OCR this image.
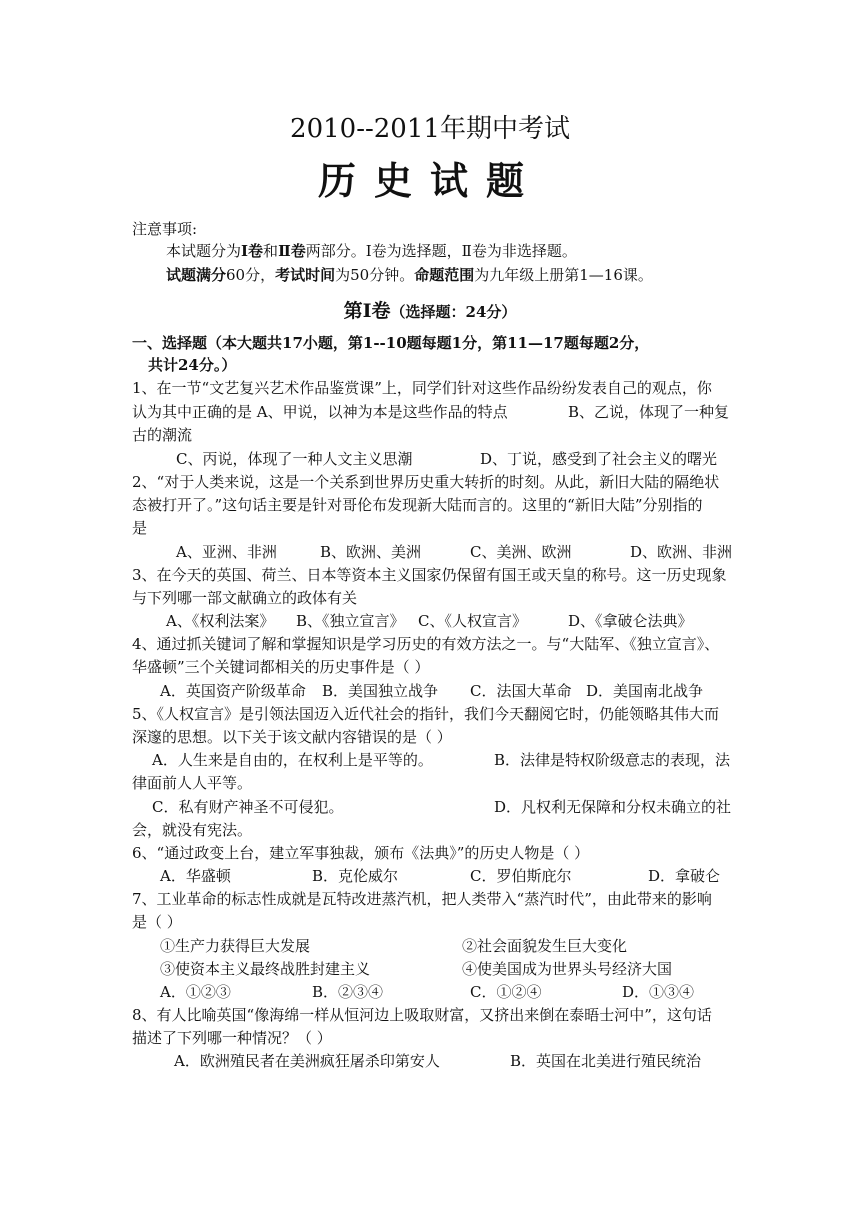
2010--2011年期中考试
历史试题
注意事项:
本试题分为Ⅰ卷和Ⅱ卷两部分。Ⅰ卷为选择题，Ⅱ卷为非选择题。
试题满分60分，考试时间为50分钟。命题范围为九年级上册第1—16课。
第Ⅰ卷（选择题：24分）
一、选择题（本大题共17小题，第1--10题每题1分，第11—17题每题2分，
共计24分。）
1、在一节“文艺复兴艺术作品鉴赏课”上，同学们针对这些作品纷纷发表自己的观点，你
认为其中正确的是 A、甲说，以神为本是这些作品的特点	B、乙说，体现了一种复
古的潮流
C、丙说，体现了一种人文主义思潮	D、丁说，感受到了社会主义的曙光
2、“对于人类来说，这是一个关系到世界历史重大转折的时刻。从此，新旧大陆的隔绝状
态被打开了。”这句话主要是针对哥伦布发现新大陆而言的。这里的“新旧大陆”分别指的
是
A、亚洲、非洲	B、欧洲、美洲	C、美洲、欧洲	D、欧洲、非洲
3、在今天的英国、荷兰、日本等资本主义国家仍保留有国王或天皇的称号。这一历史现象
与下列哪一部文献确立的政体有关
A、《权利法案》 B、《独立宣言》 C、《人权宣言》	D、《拿破仑法典》
4、通过抓关键词了解和掌握知识是学习历史的有效方法之一。与“大陆军、《独立宣言》、
华盛顿”三个关键词都相关的历史事件是（ ）
A．英国资产阶级革命 B．美国独立战争 C．法国大革命 D．美国南北战争
5、《人权宣言》是引领法国迈入近代社会的指针，我们今天翻阅它时，仍能领略其伟大而
深邃的思想。以下关于该文献内容错误的是（ ）
A．人生来是自由的，在权利上是平等的。	B．法律是特权阶级意志的表现，法
律面前人人平等。
C．私有财产神圣不可侵犯。	D．凡权利无保障和分权未确立的社
会，就没有宪法。
6、“通过政变上台，建立军事独裁，颁布《法典》”的历史人物是（ ）
A．华盛顿	B．克伦威尔	C．罗伯斯庇尔	D．拿破仑
7、工业革命的标志性成就是瓦特改进蒸汽机，把人类带入“蒸汽时代”，由此带来的影响
是（ ）
①生产力获得巨大发展	②社会面貌发生巨大变化
③使资本主义最终战胜封建主义	④使美国成为世界头号经济大国
A．①②③	B．②③④	C．①②④	D．①③④
8、有人比喻英国“像海绵一样从恒河边上吸取财富，又挤出来倒在泰晤士河中”，这句话
描述了下列哪一种情况？（ ）
A．欧洲殖民者在美洲疯狂屠杀印第安人	B．英国在北美进行殖民统治
